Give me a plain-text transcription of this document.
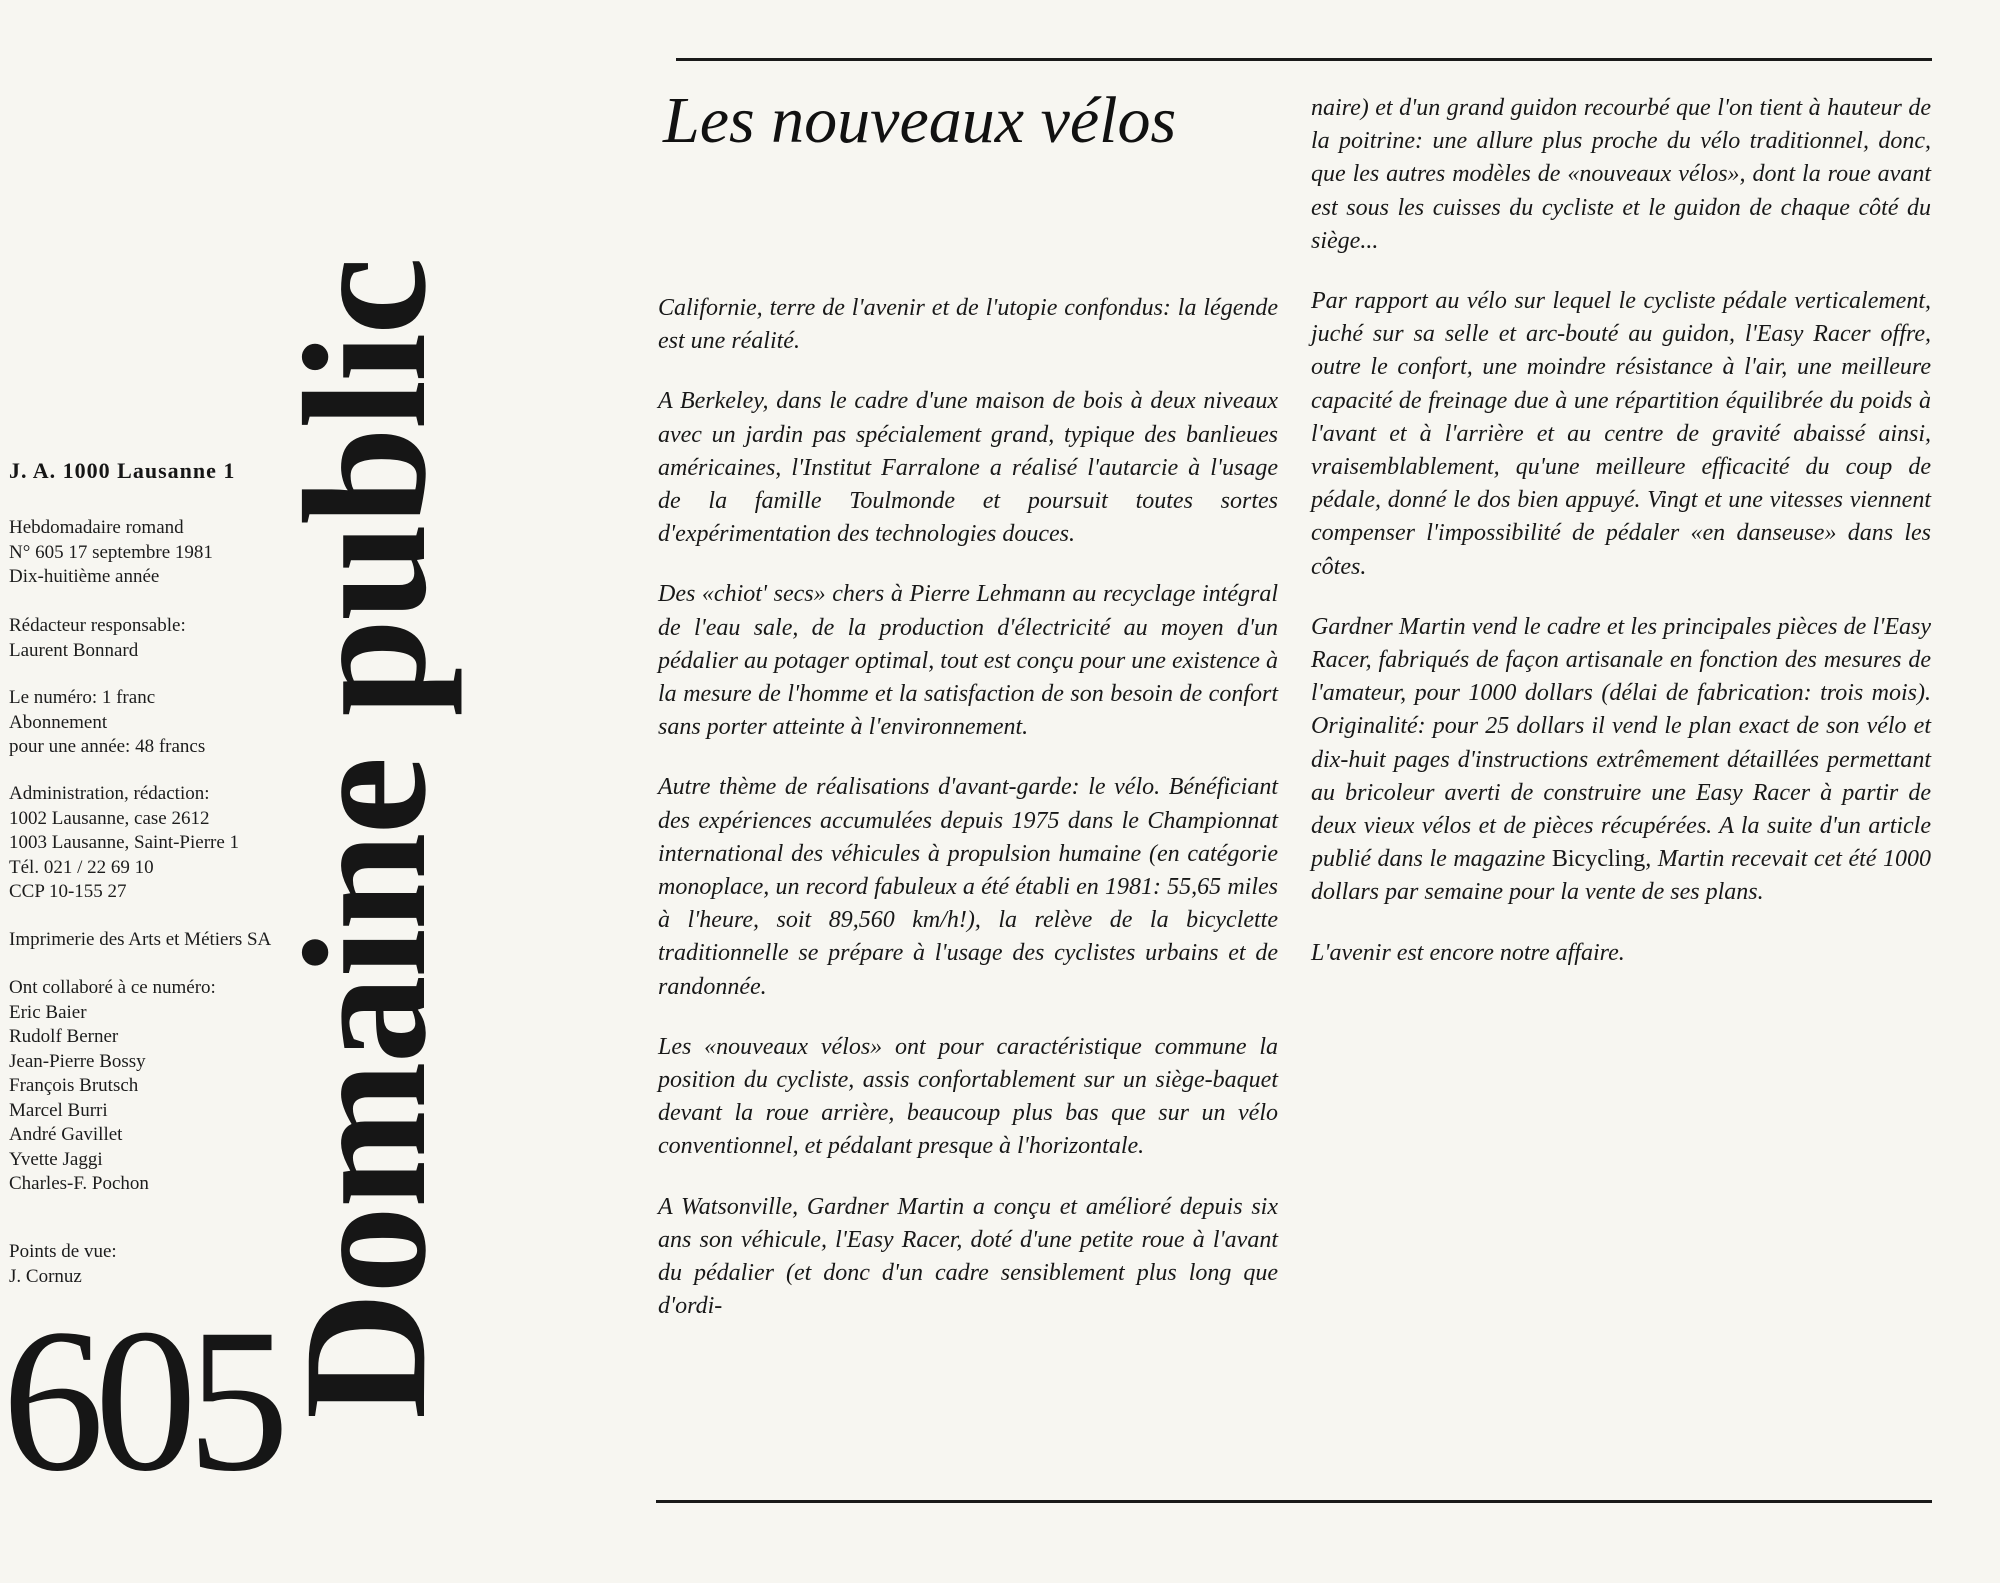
J. A. 1000 Lausanne 1
Hebdomadaire romand
N° 605 17 septembre 1981
Dix-huitième année
Rédacteur responsable:
Laurent Bonnard
Le numéro: 1 franc
Abonnement
pour une année: 48 francs
Administration, rédaction:
1002 Lausanne, case 2612
1003 Lausanne, Saint-Pierre 1
Tél. 021 / 22 69 10
CCP 10-155 27
Imprimerie des Arts et Métiers SA
Ont collaboré à ce numéro:
Eric Baier
Rudolf Berner
Jean-Pierre Bossy
François Brutsch
Marcel Burri
André Gavillet
Yvette Jaggi
Charles-F. Pochon
Points de vue:
J. Cornuz
605
Domaine public
Les nouveaux vélos

Californie, terre de l'avenir et de l'utopie confondus: la légende est une réalité.

A Berkeley, dans le cadre d'une maison de bois à deux niveaux avec un jardin pas spécialement grand, typique des banlieues américaines, l'Institut Farralone a réalisé l'autarcie à l'usage de la famille Toulmonde et poursuit toutes sortes d'expérimentation des technologies douces.

Des «chiot' secs» chers à Pierre Lehmann au recyclage intégral de l'eau sale, de la production d'électricité au moyen d'un pédalier au potager optimal, tout est conçu pour une existence à la mesure de l'homme et la satisfaction de son besoin de confort sans porter atteinte à l'environnement.

Autre thème de réalisations d'avant-garde: le vélo. Bénéficiant des expériences accumulées depuis 1975 dans le Championnat international des véhicules à propulsion humaine (en catégorie monoplace, un record fabuleux a été établi en 1981: 55,65 miles à l'heure, soit 89,560 km/h!), la relève de la bicyclette traditionnelle se prépare à l'usage des cyclistes urbains et de randonnée.

Les «nouveaux vélos» ont pour caractéristique commune la position du cycliste, assis confortablement sur un siège-baquet devant la roue arrière, beaucoup plus bas que sur un vélo conventionnel, et pédalant presque à l'horizontale.

A Watsonville, Gardner Martin a conçu et amélioré depuis six ans son véhicule, l'Easy Racer, doté d'une petite roue à l'avant du pédalier (et donc d'un cadre sensiblement plus long que d'ordi-

naire) et d'un grand guidon recourbé que l'on tient à hauteur de la poitrine: une allure plus proche du vélo traditionnel, donc, que les autres modèles de «nouveaux vélos», dont la roue avant est sous les cuisses du cycliste et le guidon de chaque côté du siège...

Par rapport au vélo sur lequel le cycliste pédale verticalement, juché sur sa selle et arc-bouté au guidon, l'Easy Racer offre, outre le confort, une moindre résistance à l'air, une meilleure capacité de freinage due à une répartition équilibrée du poids à l'avant et à l'arrière et au centre de gravité abaissé ainsi, vraisemblablement, qu'une meilleure efficacité du coup de pédale, donné le dos bien appuyé. Vingt et une vitesses viennent compenser l'impossibilité de pédaler «en danseuse» dans les côtes.

Gardner Martin vend le cadre et les principales pièces de l'Easy Racer, fabriqués de façon artisanale en fonction des mesures de l'amateur, pour 1000 dollars (délai de fabrication: trois mois). Originalité: pour 25 dollars il vend le plan exact de son vélo et dix-huit pages d'instructions extrêmement détaillées permettant au bricoleur averti de construire une Easy Racer à partir de deux vieux vélos et de pièces récupérées. A la suite d'un article publié dans le magazine Bicycling, Martin recevait cet été 1000 dollars par semaine pour la vente de ses plans.

L'avenir est encore notre affaire.
